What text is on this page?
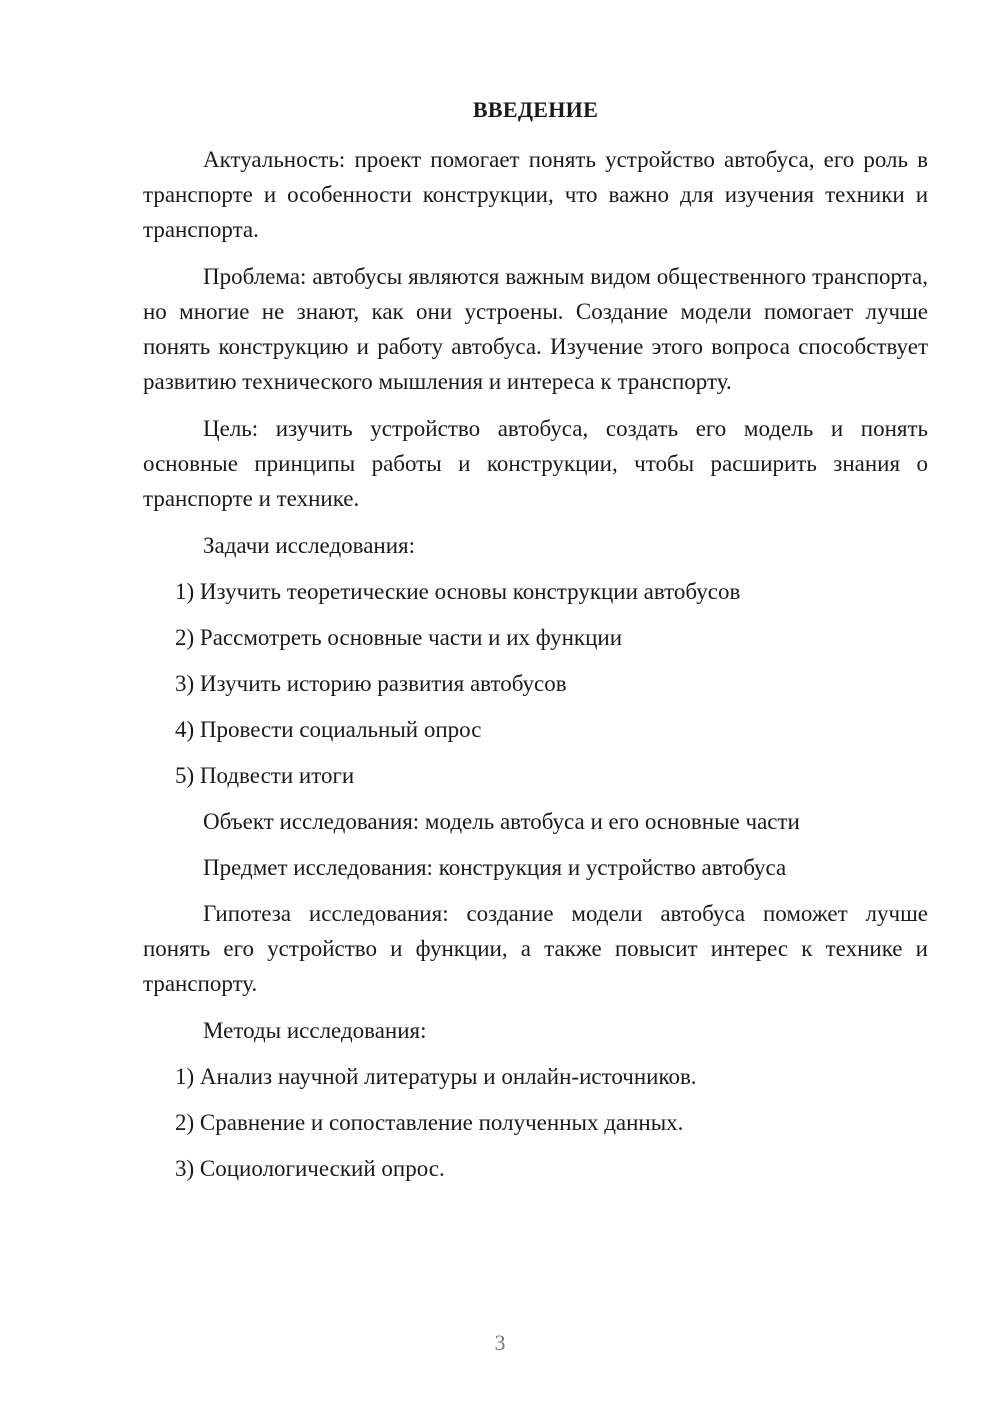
ВВЕДЕНИЕ

Актуальность: проект помогает понять устройство автобуса, его роль в транспорте и особенности конструкции, что важно для изучения техники и транспорта.

Проблема: автобусы являются важным видом общественного транспорта, но многие не знают, как они устроены. Создание модели помогает лучше понять конструкцию и работу автобуса. Изучение этого вопроса способствует развитию технического мышления и интереса к транспорту.

Цель: изучить устройство автобуса, создать его модель и понять основные принципы работы и конструкции, чтобы расширить знания о транспорте и технике.

Задачи исследования:

1) Изучить теоретические основы конструкции автобусов

2) Рассмотреть основные части и их функции

3) Изучить историю развития автобусов

4) Провести социальный опрос

5) Подвести итоги

Объект исследования: модель автобуса и его основные части

Предмет исследования: конструкция и устройство автобуса

Гипотеза исследования: создание модели автобуса поможет лучше понять его устройство и функции, а также повысит интерес к технике и транспорту.

Методы исследования:

1) Анализ научной литературы и онлайн-источников.

2) Сравнение и сопоставление полученных данных.

3) Социологический опрос.

3
